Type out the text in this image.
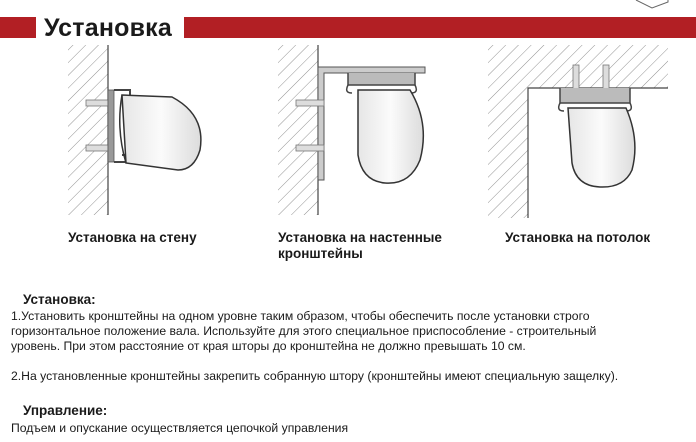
Установка
Установка на стену	Установка на настенные
кронштейны
Установка на потолок
Установка:
1.Установить кронштейны на одном уровне таким образом, чтобы обеспечить после установки строго
горизонтальное положение вала. Используйте для этого специальное приспособление - строительный
уровень. При этом расстояние от края шторы до кронштейна не должно превышать 10 см.
2.На установленные кронштейны закрепить собранную штору (кронштейны имеют специальную защелку).
Управление:
Подъем и опускание осуществляется цепочкой управления
